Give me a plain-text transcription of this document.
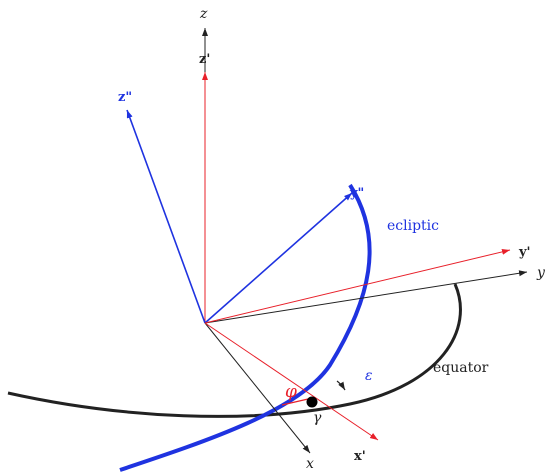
z
z'
z"
y"
ecliptic
y'
y
equator
ε
φ
γ
x	x'
